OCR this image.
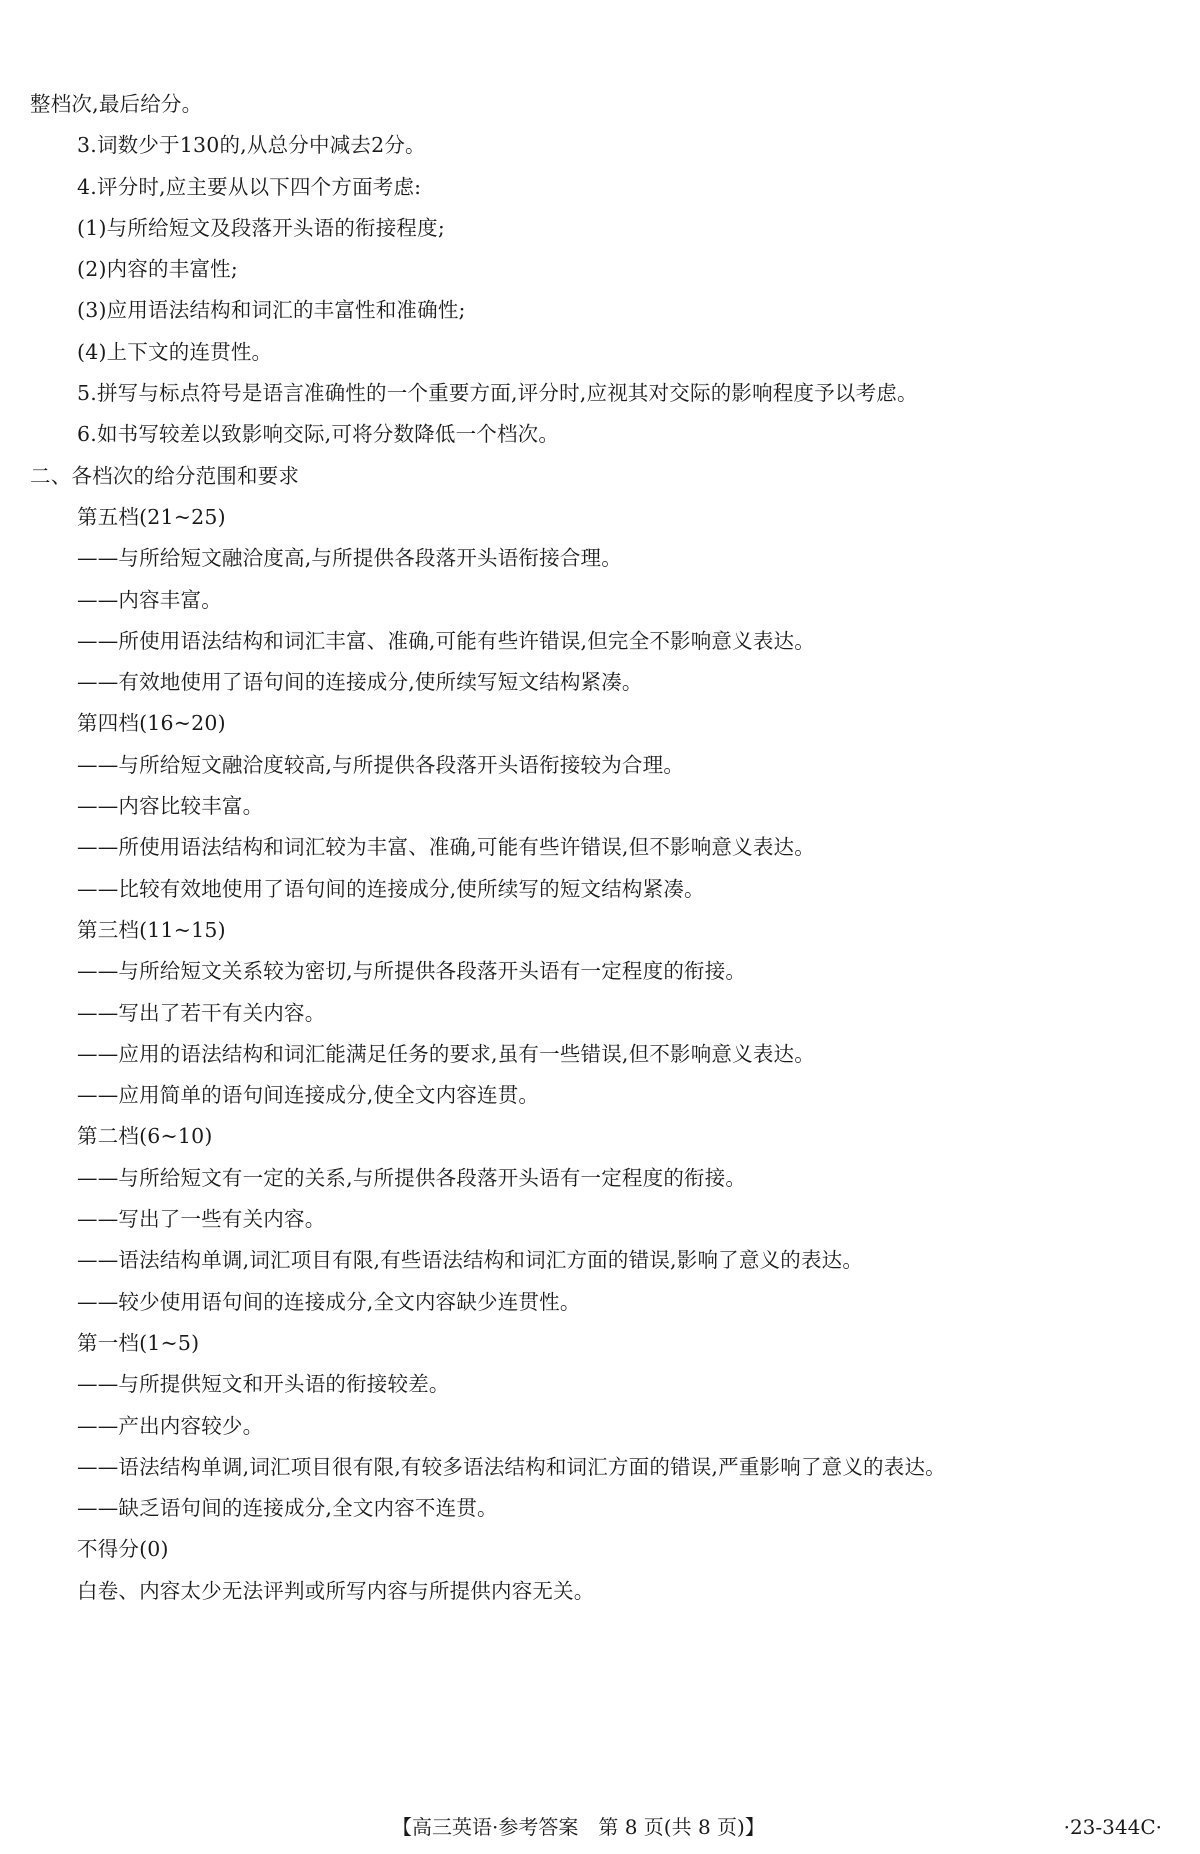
整档次,最后给分。
3.词数少于130的,从总分中减去2分。
4.评分时,应主要从以下四个方面考虑:
(1)与所给短文及段落开头语的衔接程度;
(2)内容的丰富性;
(3)应用语法结构和词汇的丰富性和准确性;
(4)上下文的连贯性。
5.拼写与标点符号是语言准确性的一个重要方面,评分时,应视其对交际的影响程度予以考虑。
6.如书写较差以致影响交际,可将分数降低一个档次。
二、各档次的给分范围和要求
第五档(21~25)
——与所给短文融洽度高,与所提供各段落开头语衔接合理。
——内容丰富。
——所使用语法结构和词汇丰富、准确,可能有些许错误,但完全不影响意义表达。
——有效地使用了语句间的连接成分,使所续写短文结构紧凑。
第四档(16~20)
——与所给短文融洽度较高,与所提供各段落开头语衔接较为合理。
——内容比较丰富。
——所使用语法结构和词汇较为丰富、准确,可能有些许错误,但不影响意义表达。
——比较有效地使用了语句间的连接成分,使所续写的短文结构紧凑。
第三档(11~15)
——与所给短文关系较为密切,与所提供各段落开头语有一定程度的衔接。
——写出了若干有关内容。
——应用的语法结构和词汇能满足任务的要求,虽有一些错误,但不影响意义表达。
——应用简单的语句间连接成分,使全文内容连贯。
第二档(6~10)
——与所给短文有一定的关系,与所提供各段落开头语有一定程度的衔接。
——写出了一些有关内容。
——语法结构单调,词汇项目有限,有些语法结构和词汇方面的错误,影响了意义的表达。
——较少使用语句间的连接成分,全文内容缺少连贯性。
第一档(1~5)
——与所提供短文和开头语的衔接较差。
——产出内容较少。
——语法结构单调,词汇项目很有限,有较多语法结构和词汇方面的错误,严重影响了意义的表达。
——缺乏语句间的连接成分,全文内容不连贯。
不得分(0)
白卷、内容太少无法评判或所写内容与所提供内容无关。
【高三英语·参考答案　第 8 页(共 8 页)】	·23-344C·
